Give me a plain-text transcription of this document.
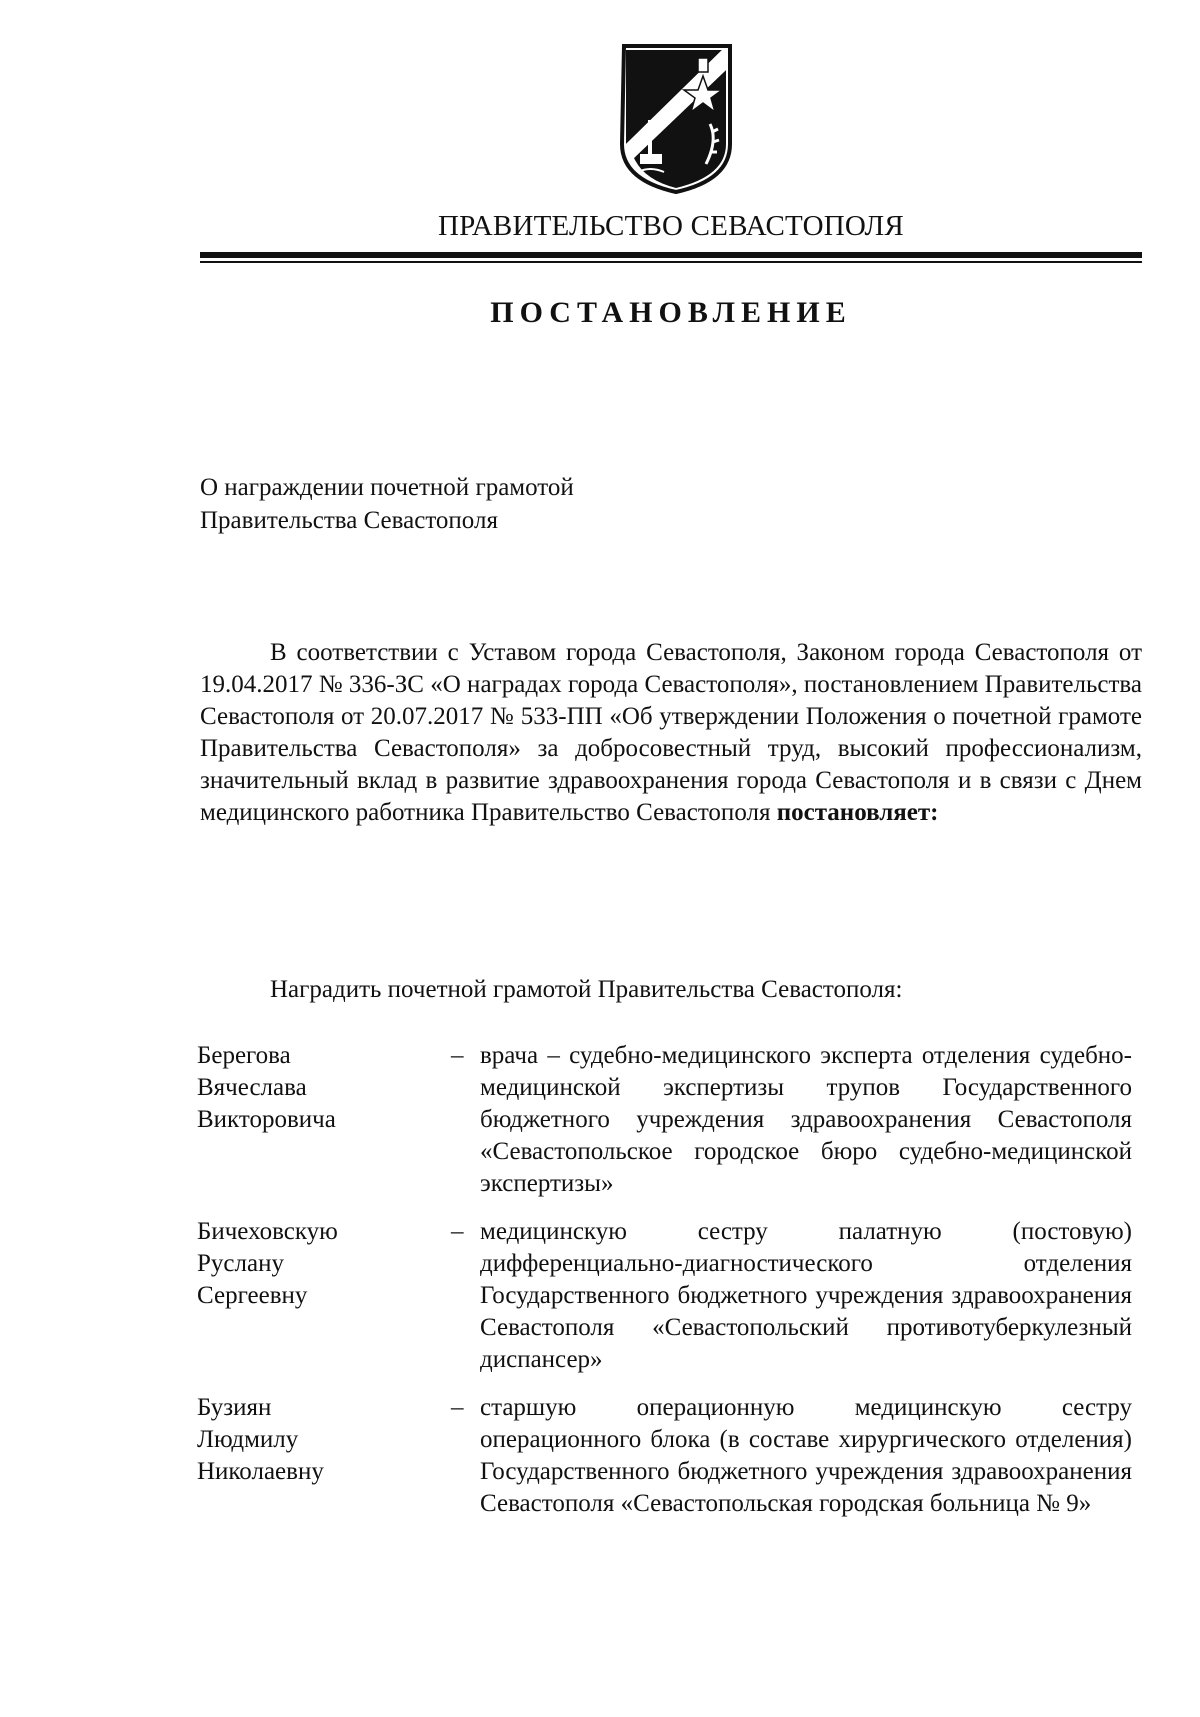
ПРАВИТЕЛЬСТВО СЕВАСТОПОЛЯ
ПОСТАНОВЛЕНИЕ
О награждении почетной грамотой
Правительства Севастополя
В соответствии с Уставом города Севастополя, Законом города Севастополя от 19.04.2017 № 336-ЗС «О наградах города Севастополя», постановлением Правительства Севастополя от 20.07.2017 № 533-ПП «Об утверждении Положения о почетной грамоте Правительства Севастополя» за добросовестный труд, высокий профессионализм, значительный вклад в развитие здравоохранения города Севастополя и в связи с Днем медицинского работника Правительство Севастополя постановляет:
Наградить почетной грамотой Правительства Севастополя:
Берегова
Вячеслава
Викторовича
– врача – судебно-медицинского эксперта отделения судебно-медицинской экспертизы трупов Государственного бюджетного учреждения здравоохранения Севастополя «Севастопольское городское бюро судебно-медицинской экспертизы»
Бичеховскую
Руслану
Сергеевну
– медицинскую сестру палатную (постовую) дифференциально-диагностического отделения Государственного бюджетного учреждения здравоохранения Севастополя «Севастопольский противотуберкулезный диспансер»
Бузиян
Людмилу
Николаевну
– старшую операционную медицинскую сестру операционного блока (в составе хирургического отделения) Государственного бюджетного учреждения здравоохранения Севастополя «Севастопольская городская больница № 9»
